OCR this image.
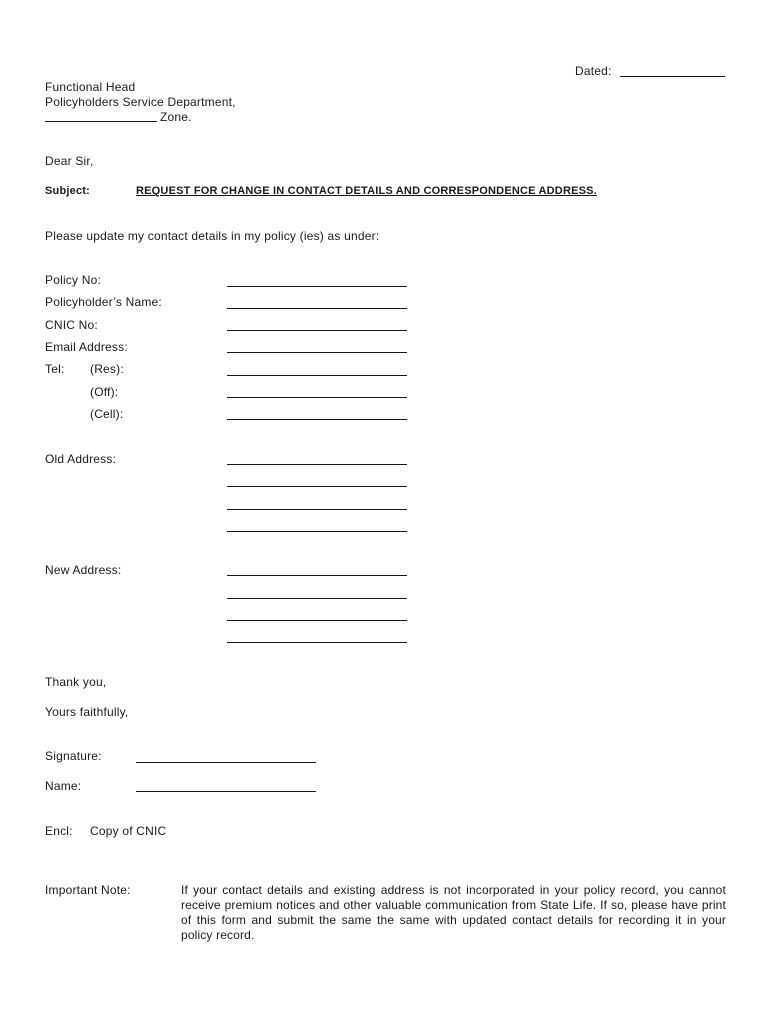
Dated:
Functional Head
Policyholders Service Department,
Zone.
Dear Sir,
Subject:	REQUEST FOR CHANGE IN CONTACT DETAILS AND CORRESPONDENCE ADDRESS.
Please update my contact details in my policy (ies) as under:
Policy No:
Policyholder’s Name:
CNIC No:
Email Address:
Tel: (Res):
(Off):
(Cell):
Old Address:
New Address:
Thank you,
Yours faithfully,
Signature:
Name:
Encl: Copy of CNIC
Important Note:	If your contact details and existing address is not incorporated in your policy record, you cannot receive premium notices and other valuable communication from State Life. If so, please have print of this form and submit the same the same with updated contact details for recording it in your policy record.
